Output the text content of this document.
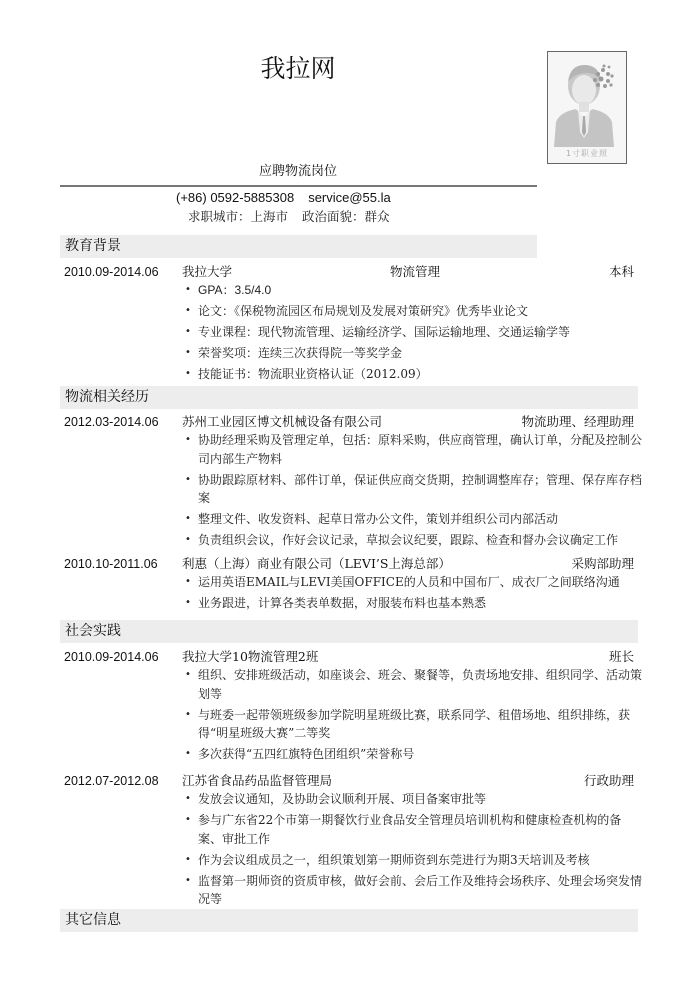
我拉网
1寸职业照
应聘物流岗位
(+86) 0592-5885308 service@55.la
求职城市：上海市 政治面貌：群众
教育背景
2010.09-2014.06 我拉大学	物流管理	本科
• GPA：3.5/4.0
• 论文：《保税物流园区布局规划及发展对策研究》优秀毕业论文
• 专业课程：现代物流管理、运输经济学、国际运输地理、交通运输学等
• 荣誉奖项：连续三次获得院一等奖学金
• 技能证书：物流职业资格认证（2012.09）
物流相关经历
2012.03-2014.06 苏州工业园区博文机械设备有限公司	物流助理、经理助理
• 协助经理采购及管理定单，包括：原料采购，供应商管理，确认订单，分配及控制公司内部生产物料
• 协助跟踪原材料、部件订单，保证供应商交货期，控制调整库存；管理、保存库存档案
• 整理文件、收发资料、起草日常办公文件，策划并组织公司内部活动
• 负责组织会议，作好会议记录，草拟会议纪要，跟踪、检查和督办会议确定工作
2010.10-2011.06 利惠（上海）商业有限公司（LEVI’S上海总部）	采购部助理
• 运用英语EMAIL与LEVI美国OFFICE的人员和中国布厂、成衣厂之间联络沟通
• 业务跟进，计算各类表单数据，对服装布料也基本熟悉
社会实践
2010.09-2014.06 我拉大学10物流管理2班	班长
• 组织、安排班级活动，如座谈会、班会、聚餐等，负责场地安排、组织同学、活动策划等
• 与班委一起带领班级参加学院明星班级比赛，联系同学、租借场地、组织排练，获得“明星班级大赛”二等奖
• 多次获得“五四红旗特色团组织”荣誉称号
2012.07-2012.08 江苏省食品药品监督管理局	行政助理
• 发放会议通知，及协助会议顺利开展、项目备案审批等
• 参与广东省22个市第一期餐饮行业食品安全管理员培训机构和健康检查机构的备案、审批工作
• 作为会议组成员之一，组织策划第一期师资到东莞进行为期3天培训及考核
• 监督第一期师资的资质审核，做好会前、会后工作及维持会场秩序、处理会场突发情况等
其它信息
